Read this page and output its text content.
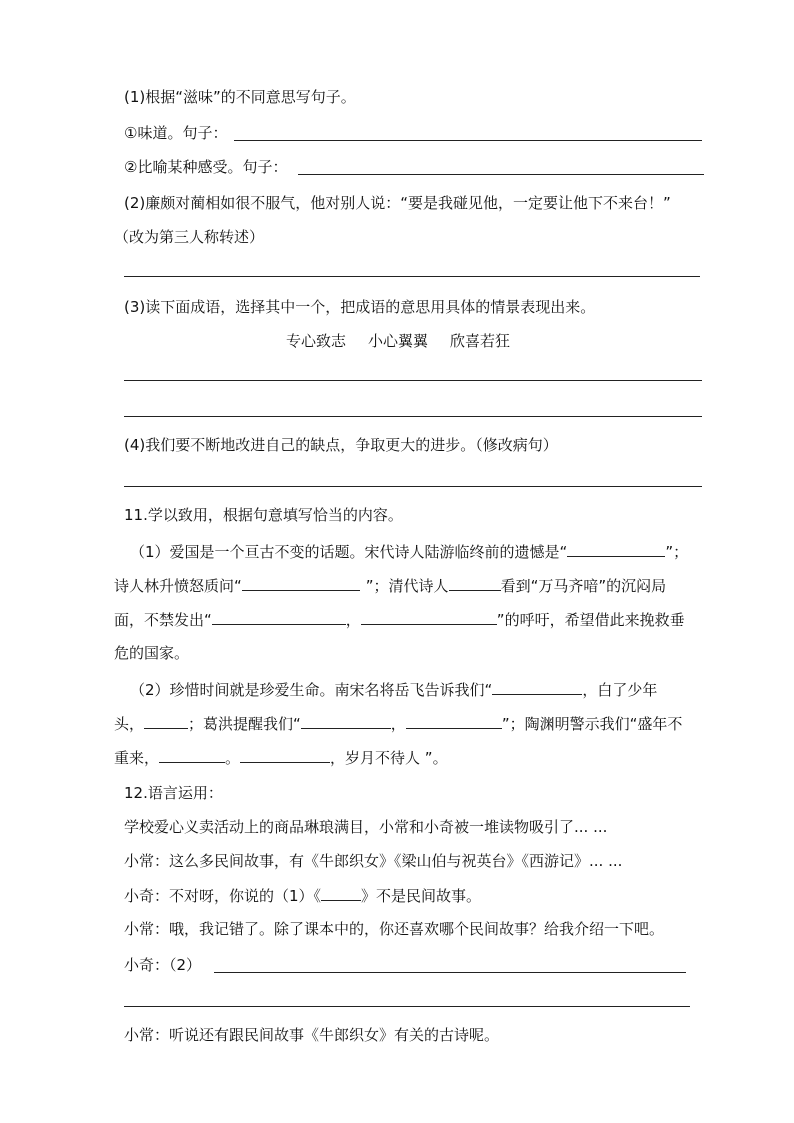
(1)根据“滋味”的不同意思写句子。
①味道。句子：
②比喻某种感受。句子：
(2)廉颇对蔺相如很不服气，他对别人说：“要是我碰见他，一定要让他下不来台！”
（改为第三人称转述）
(3)读下面成语，选择其中一个，把成语的意思用具体的情景表现出来。
专心致志 小心翼翼 欣喜若狂
(4)我们要不断地改进自己的缺点，争取更大的进步。（修改病句）
11.学以致用，根据句意填写恰当的内容。
（1）爱国是一个亘古不变的话题。宋代诗人陆游临终前的遗憾是“	”；
诗人林升愤怒质问“	”；清代诗人	看到“万马齐喑”的沉闷局
面，不禁发出“	，	”的呼吁，希望借此来挽救垂
危的国家。
（2）珍惜时间就是珍爱生命。南宋名将岳飞告诉我们“	，白了少年
头，	；葛洪提醒我们“	，	”；陶渊明警示我们“盛年不
重来，	。	，岁月不待人 ”。
12.语言运用：
学校爱心义卖活动上的商品琳琅满目，小常和小奇被一堆读物吸引了... ...
小常：这么多民间故事，有《牛郎织女》《梁山伯与祝英台》《西游记》... ...
小奇：不对呀，你说的（1）《	》不是民间故事。
小常：哦，我记错了。除了课本中的，你还喜欢哪个民间故事？给我介绍一下吧。
小奇：（2）
小常：听说还有跟民间故事《牛郎织女》有关的古诗呢。
